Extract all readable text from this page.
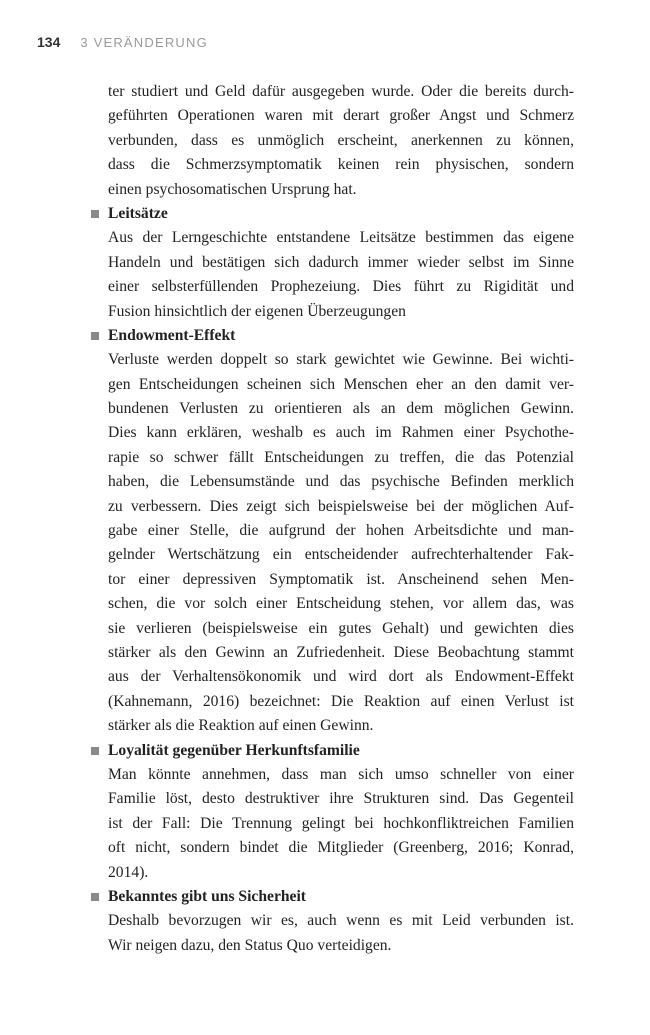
134 3 VERÄNDERUNG
ter studiert und Geld dafür ausgegeben wurde. Oder die bereits durch-
geführten Operationen waren mit derart großer Angst und Schmerz
verbunden, dass es unmöglich erscheint, anerkennen zu können,
dass die Schmerzsymptomatik keinen rein physischen, sondern
einen psychosomatischen Ursprung hat.
Leitsätze
Aus der Lerngeschichte entstandene Leitsätze bestimmen das eigene
Handeln und bestätigen sich dadurch immer wieder selbst im Sinne
einer selbsterfüllenden Prophezeiung. Dies führt zu Rigidität und
Fusion hinsichtlich der eigenen Überzeugungen
Endowment-Effekt
Verluste werden doppelt so stark gewichtet wie Gewinne. Bei wichti-
gen Entscheidungen scheinen sich Menschen eher an den damit ver-
bundenen Verlusten zu orientieren als an dem möglichen Gewinn.
Dies kann erklären, weshalb es auch im Rahmen einer Psychothe-
rapie so schwer fällt Entscheidungen zu treffen, die das Potenzial
haben, die Lebensumstände und das psychische Befinden merklich
zu verbessern. Dies zeigt sich beispielsweise bei der möglichen Auf-
gabe einer Stelle, die aufgrund der hohen Arbeitsdichte und man-
gelnder Wertschätzung ein entscheidender aufrechterhaltender Fak-
tor einer depressiven Symptomatik ist. Anscheinend sehen Men-
schen, die vor solch einer Entscheidung stehen, vor allem das, was
sie verlieren (beispielsweise ein gutes Gehalt) und gewichten dies
stärker als den Gewinn an Zufriedenheit. Diese Beobachtung stammt
aus der Verhaltensökonomik und wird dort als Endowment-Effekt
(Kahnemann, 2016) bezeichnet: Die Reaktion auf einen Verlust ist
stärker als die Reaktion auf einen Gewinn.
Loyalität gegenüber Herkunftsfamilie
Man könnte annehmen, dass man sich umso schneller von einer
Familie löst, desto destruktiver ihre Strukturen sind. Das Gegenteil
ist der Fall: Die Trennung gelingt bei hochkonfliktreichen Familien
oft nicht, sondern bindet die Mitglieder (Greenberg, 2016; Konrad,
2014).
Bekanntes gibt uns Sicherheit
Deshalb bevorzugen wir es, auch wenn es mit Leid verbunden ist.
Wir neigen dazu, den Status Quo verteidigen.
